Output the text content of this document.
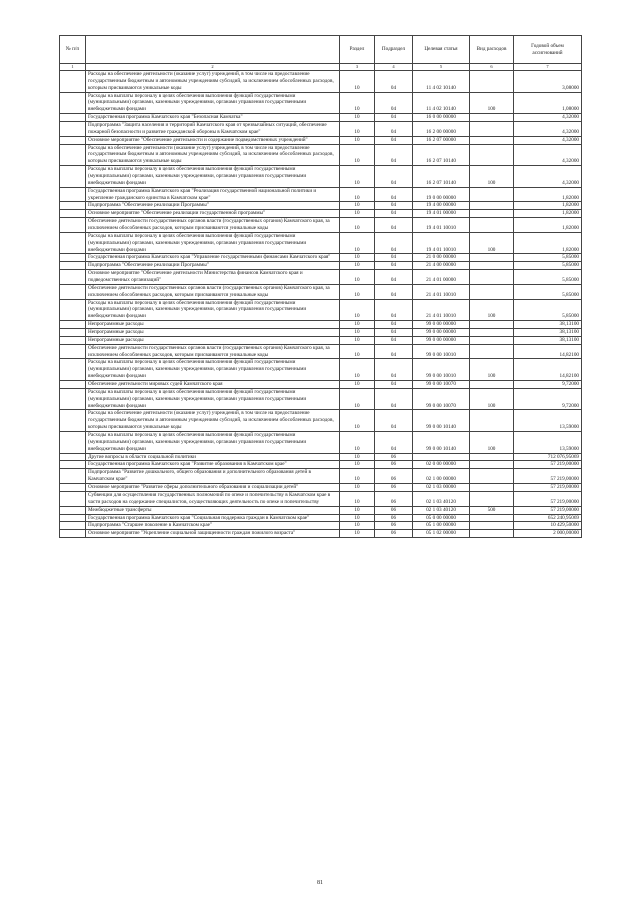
№ п/п		Раздел	Подраздел	Целевая статья	Вид расходов	Годовой объем ассигнований
1	2	3	4	5	6	7
	Расходы на обеспечение деятельности (оказание услуг) учреждений, в том числе на предоставление государственным бюджетным и автономным учреждениям субсидий, за исключением обособленных расходов, которым присваиваются уникальные коды	10	04	11 4 02 10140		3,08000
	Расходы на выплаты персоналу в целях обеспечения выполнения функций государственными (муниципальными) органами, казенными учреждениями, органами управления государственными внебюджетными фондами	10	04	11 4 02 10140	100	1,08000
	Государственная программа Камчатского края "Безопасная Камчатка"	10	04	16 0 00 00000		4,32000
	Подпрограмма "Защита населения и территорий Камчатского края от чрезвычайных ситуаций, обеспечение пожарной безопасности и развитие гражданской обороны в Камчатском крае"	10	04	16 2 00 00000		4,32000
	Основное мероприятие "Обеспечение деятельности и содержание подведомственных учреждений"	10	04	16 2 07 00000		4,32000
	Расходы на обеспечение деятельности (оказание услуг) учреждений, в том числе на предоставление государственным бюджетным и автономным учреждениям субсидий, за исключением обособленных расходов, которым присваиваются уникальные коды	10	04	16 2 07 10140		4,32000
	Расходы на выплаты персоналу в целях обеспечения выполнения функций государственными (муниципальными) органами, казенными учреждениями, органами управления государственными внебюджетными фондами	10	04	16 2 07 10140	100	4,32000
	Государственная программа Камчатского края "Реализация государственной национальной политики и укрепление гражданского единства в Камчатском крае"	10	04	19 0 00 00000		1,82000
	Подпрограмма "Обеспечение реализации Программы"	10	04	19 4 00 00000		1,82000
	Основное мероприятие "Обеспечение реализации государственной программы"	10	04	19 4 01 00000		1,82000
	Обеспечение деятельности государственных органов власти (государственных органов) Камчатского края, за исключением обособленных расходов, которым присваиваются уникальные коды	10	04	19 4 01 10010		1,82000
	Расходы на выплаты персоналу в целях обеспечения выполнения функций государственными (муниципальными) органами, казенными учреждениями, органами управления государственными внебюджетными фондами	10	04	19 4 01 10010	100	1,82000
	Государственная программа Камчатского края "Управление государственными финансами Камчатского края"	10	04	21 0 00 00000		5,85000
	Подпрограмма "Обеспечение реализации Программы"	10	04	21 4 00 00000		5,85000
	Основное мероприятие "Обеспечение деятельности Министерства финансов Камчатского края и подведомственных организаций"	10	04	21 4 01 00000		5,85000
	Обеспечение деятельности государственных органов власти (государственных органов) Камчатского края, за исключением обособленных расходов, которым присваиваются уникальные коды	10	04	21 4 01 10010		5,85000
	Расходы на выплаты персоналу в целях обеспечения выполнения функций государственными (муниципальными) органами, казенными учреждениями, органами управления государственными внебюджетными фондами	10	04	21 4 01 10010	100	5,85000
	Непрограммные расходы	10	04	99 0 00 00000		38,13100
	Непрограммные расходы	10	04	99 0 00 00000		38,13100
	Непрограммные расходы	10	04	99 0 00 00000		38,13100
	Обеспечение деятельности государственных органов власти (государственных органов) Камчатского края, за исключением обособленных расходов, которым присваиваются уникальные коды	10	04	99 0 00 10010		14,82100
	Расходы на выплаты персоналу в целях обеспечения выполнения функций государственными (муниципальными) органами, казенными учреждениями, органами управления государственными внебюджетными фондами	10	04	99 0 00 10010	100	14,82100
	Обеспечение деятельности мировых судей Камчатского края	10	04	99 0 00 10070		9,72000
	Расходы на выплаты персоналу в целях обеспечения выполнения функций государственными (муниципальными) органами, казенными учреждениями, органами управления государственными внебюджетными фондами	10	04	99 0 00 10070	100	9,72000
	Расходы на обеспечение деятельности (оказание услуг) учреждений, в том числе на предоставление государственным бюджетным и автономным учреждениям субсидий, за исключением обособленных расходов, которым присваиваются уникальные коды	10	04	99 0 00 10140		13,59000
	Расходы на выплаты персоналу в целях обеспечения выполнения функций государственными (муниципальными) органами, казенными учреждениями, органами управления государственными внебюджетными фондами	10	04	99 0 00 10140	100	13,59000
	Другие вопросы в области социальной политики	10	06			712 076,95069
	Государственная программа Камчатского края "Развитие образования в Камчатском крае"	10	06	02 0 00 00000		57 219,00000
	Подпрограмма "Развитие дошкольного, общего образования и дополнительного образования детей в Камчатском крае"	10	06	02 1 00 00000		57 219,00000
	Основное мероприятие "Развитие сферы дополнительного образования и социализации детей"	10	06	02 1 03 00000		57 219,00000
	Субвенции для осуществления государственных полномочий по опеке и попечительству в Камчатском крае в части расходов на содержание специалистов, осуществляющих деятельность по опеке и попечительству	10	06	02 1 03 40120		57 219,00000
	Межбюджетные трансферты	10	06	02 1 03 40120	500	57 219,00000
	Государственная программа Камчатского края "Социальная поддержка граждан в Камчатском крае"	10	06	05 0 00 00000		652 240,95069
	Подпрограмма "Старшее поколение в Камчатском крае"	10	06	05 1 00 00000		10 429,50000
	Основное мероприятие "Укрепление социальной защищенности граждан пожилого возраста"	10	06	05 1 02 00000		2 000,00000
81
